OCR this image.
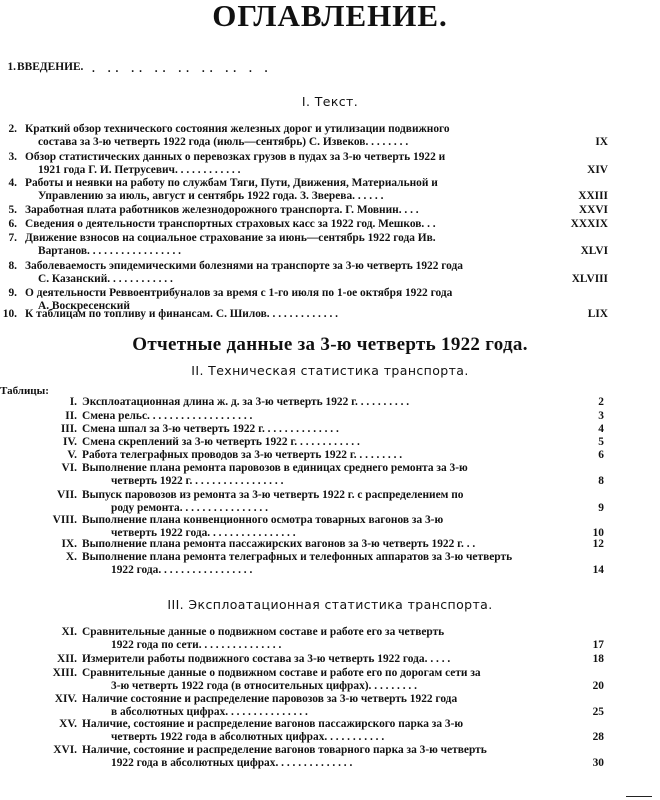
ОГЛАВЛЕНИЕ.
1. ВВЕДЕНИЕ. . .. .. .. .. .. .. . .
I. Текст.
2. Краткий обзор технического состояния железных дорог и утилизации подвижного
состава за 3-ю четверть 1922 года (июль—сентябрь) С. Извеков. . . . . . . .	IX
3. Обзор статистических данных о перевозках грузов в пудах за 3-ю четверть 1922 и
1921 года Г. И. Петрусевич. . . . . . . . . . . .	XIV
4. Работы и неявки на работу по службам Тяги, Пути, Движения, Материальной и
Управлению за июль, август и сентябрь 1922 года. З. Зверева. . . . . .	XXIII
5. Заработная плата работников железнодорожного транспорта. Г. Мовнин. . . .	XXVI
6. Сведения о деятельности транспортных страховых касс за 1922 год. Мешков. . .	XXXIX
7. Движение взносов на социальное страхование за июнь—сентябрь 1922 года Ив.
Вартанов. . . . . . . . . . . . . . . . .	XLVI
8. Заболеваемость эпидемическими болезнями на транспорте за 3-ю четверть 1922 года
С. Казанский. . . . . . . . . . . .	XLVIII
9. О деятельности Реввоентрибуналов за время с 1-го июля по 1-ое октября 1922 года
А. Воскресенский
10. К таблицам по топливу и финансам. С. Шилов. . . . . . . . . . . . .	LIX
Отчетные данные за 3-ю четверть 1922 года.
II. Техническая статистика транспорта.
Таблицы:
I. Эксплоатационная длина ж. д. за 3-ю четверть 1922 г. . . . . . . . . .	2
II. Смена рельс. . . . . . . . . . . . . . . . . . .	3
III. Смена шпал за 3-ю четверть 1922 г. . . . . . . . . . . . . .	4
IV. Смена скреплений за 3-ю четверть 1922 г. . . . . . . . . . . .	5
V. Работа телеграфных проводов за 3-ю четверть 1922 г. . . . . . . . .	6
VI. Выполнение плана ремонта паровозов в единицах среднего ремонта за 3-ю
четверть 1922 г. . . . . . . . . . . . . . . . .	8
VII. Выпуск паровозов из ремонта за 3-ю четверть 1922 г. с распределением по
роду ремонта. . . . . . . . . . . . . . . .	9
VIII. Выполнение плана конвенционного осмотра товарных вагонов за 3-ю
четверть 1922 года. . . . . . . . . . . . . . . .	10
IX. Выполнение плана ремонта пассажирских вагонов за 3-ю четверть 1922 г. . .	12
X. Выполнение плана ремонта телеграфных и телефонных аппаратов за 3-ю четверть
1922 года. . . . . . . . . . . . . . . . .	14
III. Эксплоатационная статистика транспорта.
XI. Сравнительные данные о подвижном составе и работе его за четверть
1922 года по сети. . . . . . . . . . . . . . .	17
XII. Измерители работы подвижного состава за 3-ю четверть 1922 года. . . . .	18
XIII. Сравнительные данные о подвижном составе и работе его по дорогам сети за
3-ю четверть 1922 года (в относительных цифрах). . . . . . . . .	20
XIV. Наличие состояние и распределение паровозов за 3-ю четверть 1922 года
в абсолютных цифрах. . . . . . . . . . . . . . .	25
XV. Наличие, состояние и распределение вагонов пассажирского парка за 3-ю
четверть 1922 года в абсолютных цифрах. . . . . . . . . . .	28
XVI. Наличие, состояние и распределение вагонов товарного парка за 3-ю четверть
1922 года в абсолютных цифрах. . . . . . . . . . . . . .	30
